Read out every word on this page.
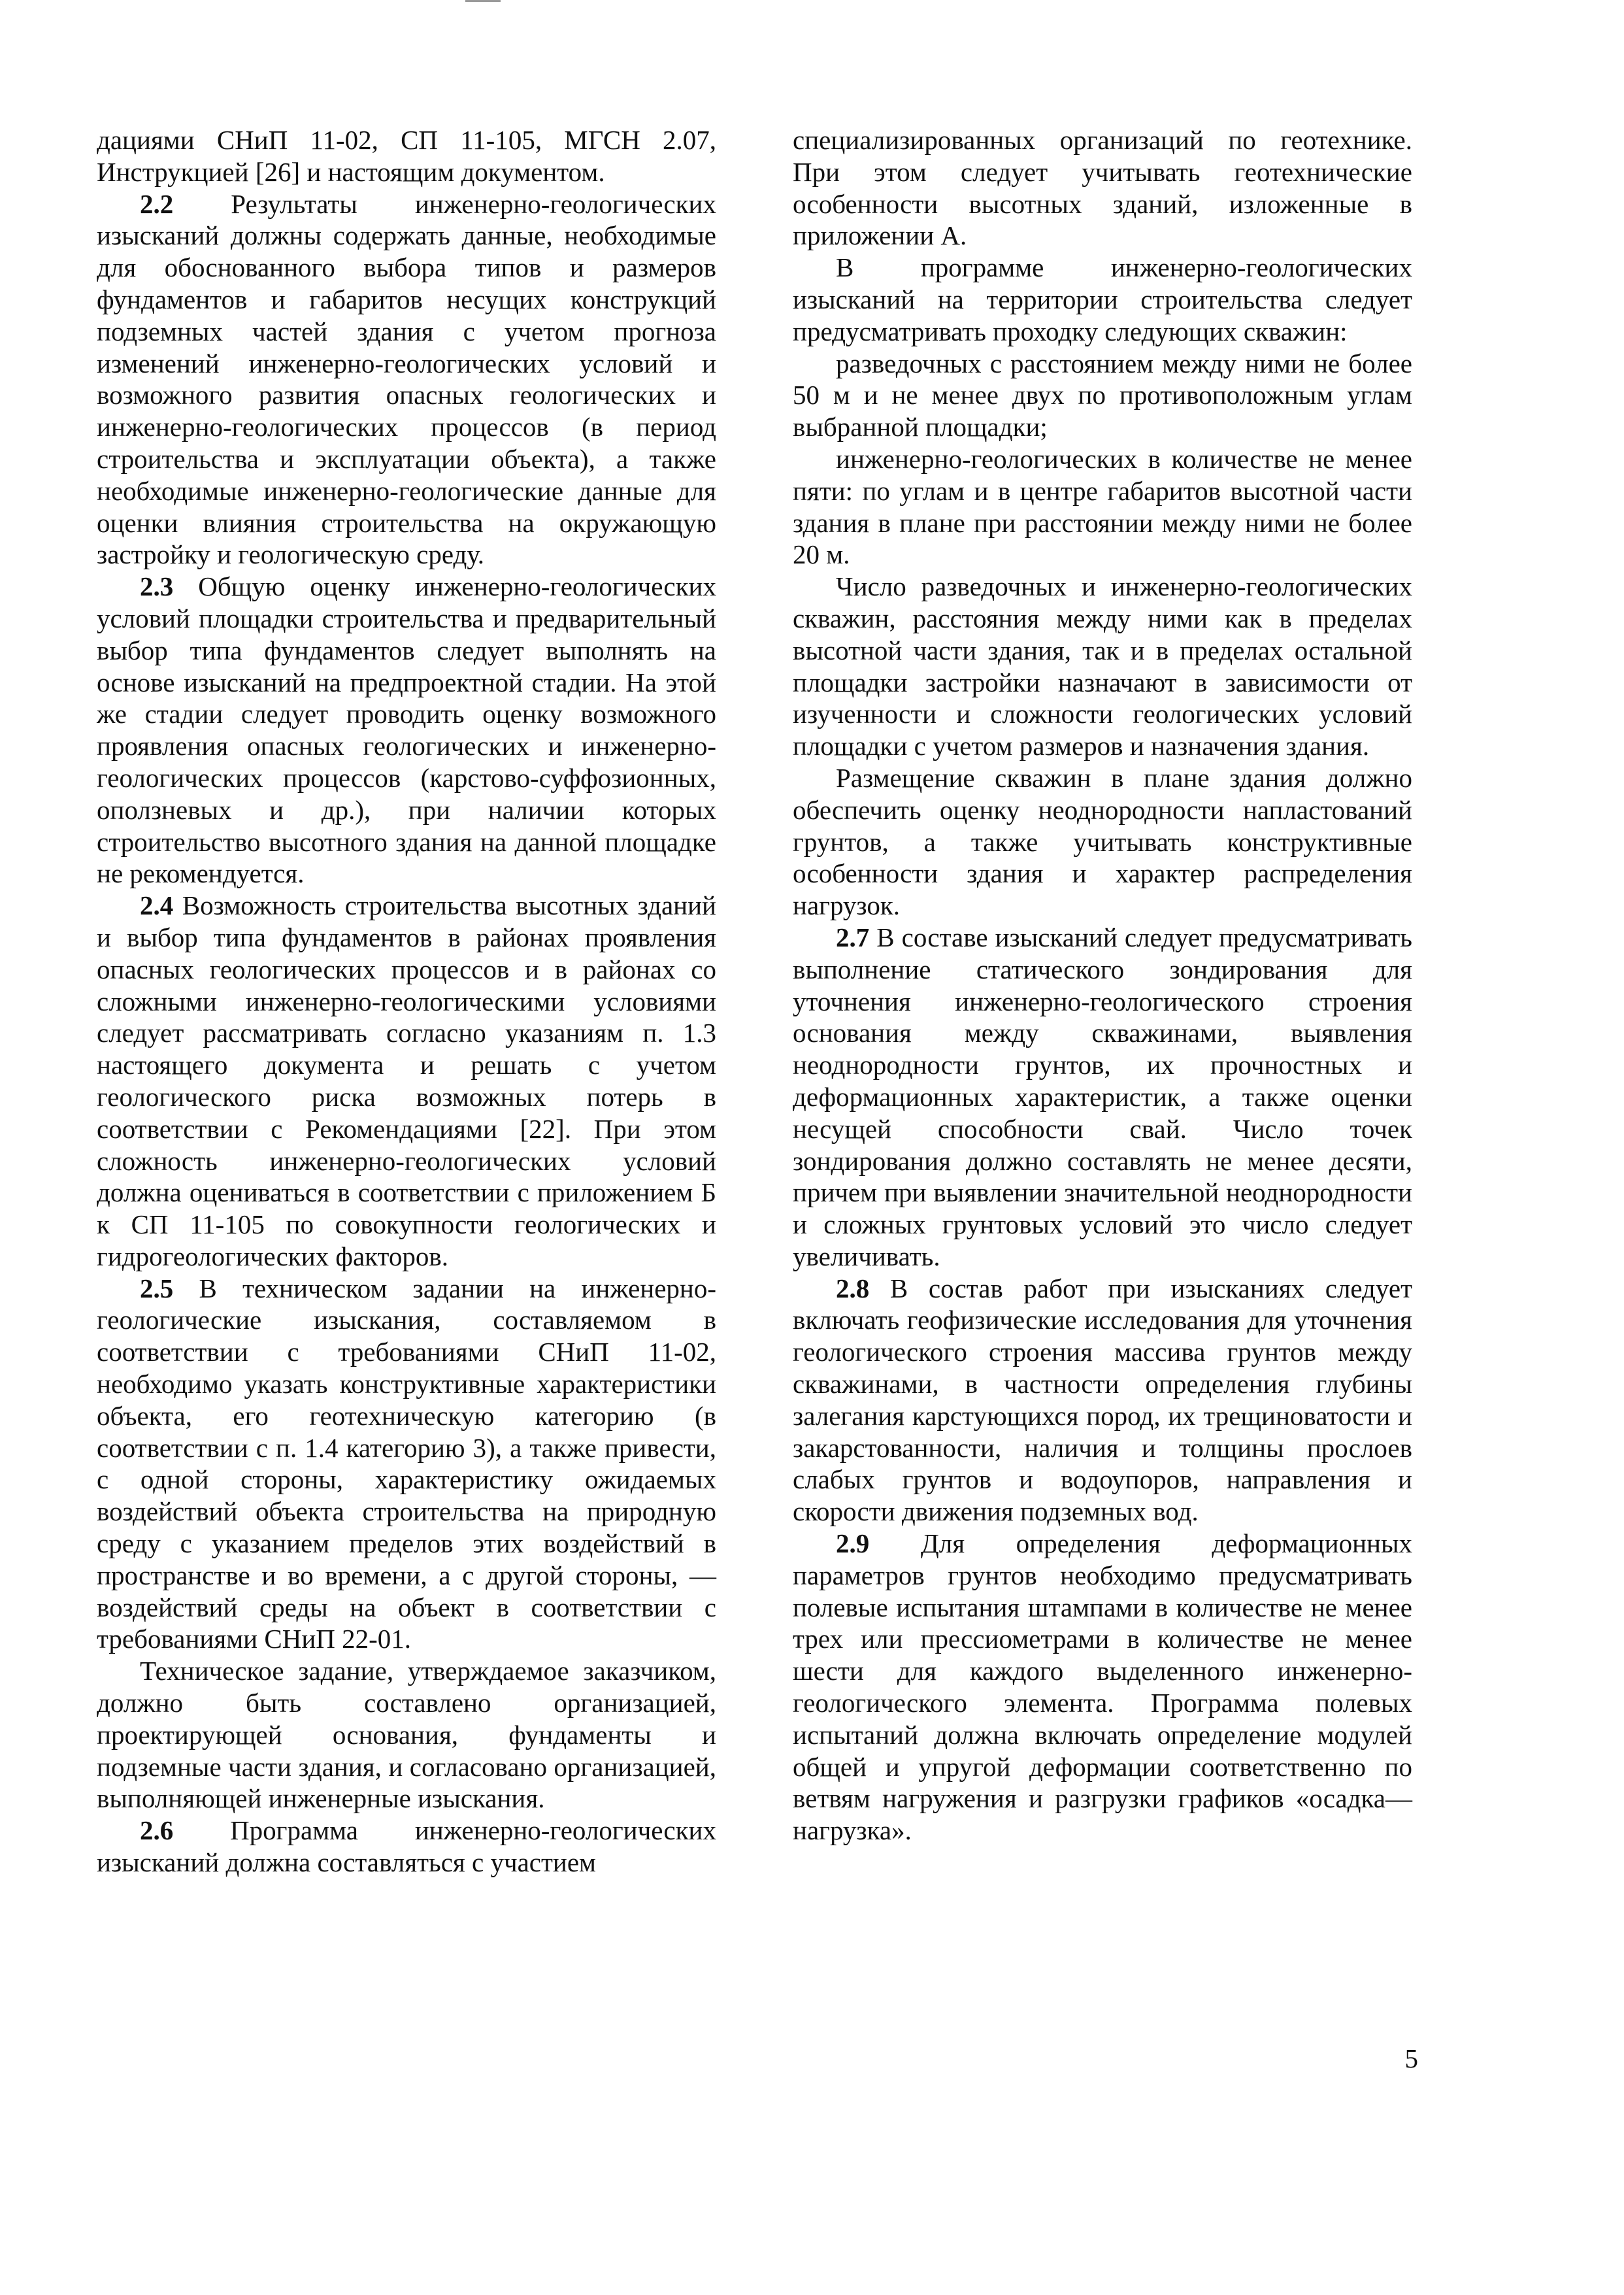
дациями СНиП 11-02, СП 11-105, МГСН 2.07, Инструкцией [26] и настоящим документом.

2.2 Результаты инженерно-геологических изысканий должны содержать данные, необходимые для обоснованного выбора типов и размеров фундаментов и габаритов несущих конструкций подземных частей здания с учетом прогноза изменений инженерно-геологических условий и возможного развития опасных геологических и инженерно-геологических процессов (в период строительства и эксплуатации объекта), а также необходимые инженерно-геологические данные для оценки влияния строительства на окружающую застройку и геологическую среду.

2.3 Общую оценку инженерно-геологических условий площадки строительства и предварительный выбор типа фундаментов следует выполнять на основе изысканий на предпроектной стадии. На этой же стадии следует проводить оценку возможного проявления опасных геологических и инженерно-геологических процессов (карстово-суффозионных, оползневых и др.), при наличии которых строительство высотного здания на данной площадке не рекомендуется.

2.4 Возможность строительства высотных зданий и выбор типа фундаментов в районах проявления опасных геологических процессов и в районах со сложными инженерно-геологическими условиями следует рассматривать согласно указаниям п. 1.3 настоящего документа и решать с учетом геологического риска возможных потерь в соответствии с Рекомендациями [22]. При этом сложность инженерно-геологических условий должна оцениваться в соответствии с приложением Б к СП 11-105 по совокупности геологических и гидрогеологических факторов.

2.5 В техническом задании на инженерно-геологические изыскания, составляемом в соответствии с требованиями СНиП 11-02, необходимо указать конструктивные характеристики объекта, его геотехническую категорию (в соответствии с п. 1.4 категорию 3), а также привести, с одной стороны, характеристику ожидаемых воздействий объекта строительства на природную среду с указанием пределов этих воздействий в пространстве и во времени, а с другой стороны, — воздействий среды на объект в соответствии с требованиями СНиП 22-01.

Техническое задание, утверждаемое заказчиком, должно быть составлено организацией, проектирующей основания, фундаменты и подземные части здания, и согласовано организацией, выполняющей инженерные изыскания.

2.6 Программа инженерно-геологических изысканий должна составляться с участием

специализированных организаций по геотехнике. При этом следует учитывать геотехнические особенности высотных зданий, изложенные в приложении А.

В программе инженерно-геологических изысканий на территории строительства следует предусматривать проходку следующих скважин:

разведочных с расстоянием между ними не более 50 м и не менее двух по противоположным углам выбранной площадки;

инженерно-геологических в количестве не менее пяти: по углам и в центре габаритов высотной части здания в плане при расстоянии между ними не более 20 м.

Число разведочных и инженерно-геологических скважин, расстояния между ними как в пределах высотной части здания, так и в пределах остальной площадки застройки назначают в зависимости от изученности и сложности геологических условий площадки с учетом размеров и назначения здания.

Размещение скважин в плане здания должно обеспечить оценку неоднородности напластований грунтов, а также учитывать конструктивные особенности здания и характер распределения нагрузок.

2.7 В составе изысканий следует предусматривать выполнение статического зондирования для уточнения инженерно-геологического строения основания между скважинами, выявления неоднородности грунтов, их прочностных и деформационных характеристик, а также оценки несущей способности свай. Число точек зондирования должно составлять не менее десяти, причем при выявлении значительной неоднородности и сложных грунтовых условий это число следует увеличивать.

2.8 В состав работ при изысканиях следует включать геофизические исследования для уточнения геологического строения массива грунтов между скважинами, в частности определения глубины залегания карстующихся пород, их трещиноватости и закарстованности, наличия и толщины прослоев слабых грунтов и водоупоров, направления и скорости движения подземных вод.

2.9 Для определения деформационных параметров грунтов необходимо предусматривать полевые испытания штампами в количестве не менее трех или прессиометрами в количестве не менее шести для каждого выделенного инженерно-геологического элемента. Программа полевых испытаний должна включать определение модулей общей и упругой деформации соответственно по ветвям нагружения и разгрузки графиков «осадка—нагрузка».

5
